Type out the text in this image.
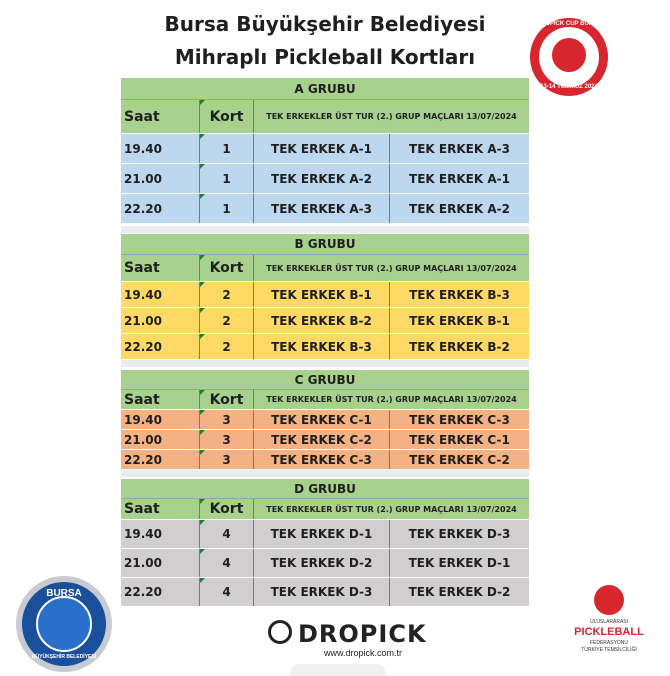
Bursa Büyükşehir Belediyesi
Mihraplı Pickleball Kortları
DROPICK CUP BURSA
13-14 TEMMUZ 2024
A GRUBU
Saat	Kort	TEK ERKEKLER ÜST TUR (2.) GRUP MAÇLARI 13/07/2024
19.40	1	TEK ERKEK A-1	TEK ERKEK A-3
21.00	1	TEK ERKEK A-2	TEK ERKEK A-1
22.20	1	TEK ERKEK A-3	TEK ERKEK A-2
B GRUBU
Saat	Kort	TEK ERKEKLER ÜST TUR (2.) GRUP MAÇLARI 13/07/2024
19.40	2	TEK ERKEK B-1	TEK ERKEK B-3
21.00	2	TEK ERKEK B-2	TEK ERKEK B-1
22.20	2	TEK ERKEK B-3	TEK ERKEK B-2
C GRUBU
Saat	Kort	TEK ERKEKLER ÜST TUR (2.) GRUP MAÇLARI 13/07/2024
19.40	3	TEK ERKEK C-1	TEK ERKEK C-3
21.00	3	TEK ERKEK C-2	TEK ERKEK C-1
22.20	3	TEK ERKEK C-3	TEK ERKEK C-2
D GRUBU
Saat	Kort	TEK ERKEKLER ÜST TUR (2.) GRUP MAÇLARI 13/07/2024
19.40	4	TEK ERKEK D-1	TEK ERKEK D-3
21.00	4	TEK ERKEK D-2	TEK ERKEK D-1
22.20	4	TEK ERKEK D-3	TEK ERKEK D-2
BURSA
BÜYÜKŞEHİR BELEDİYESİ
DROPICK
www.dropick.com.tr
ULUSLARARASI
PICKLEBALL
FEDERASYONU
TÜRKİYE TEMSİLCİLİĞİ
